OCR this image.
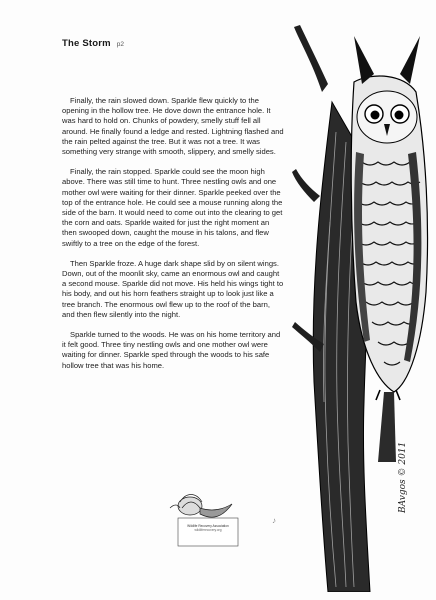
The Storm p2

Finally, the rain slowed down. Sparkle flew quickly to the opening in the hollow tree. He dove down the entrance hole. It was hard to hold on. Chunks of powdery, smelly stuff fell all around. He finally found a ledge and rested. Lightning flashed and the rain pelted against the tree. But it was not a tree. It was something very strange with smooth, slippery, and smelly sides.

Finally, the rain stopped. Sparkle could see the moon high above. There was still time to hunt. Three nestling owls and one mother owl were waiting for their dinner. Sparkle peeked over the top of the entrance hole. He could see a mouse running along the side of the barn. It would need to come out into the clearing to get the corn and oats. Sparkle waited for just the right moment an then swooped down, caught the mouse in his talons, and flew swiftly to a tree on the edge of the forest.

Then Sparkle froze. A huge dark shape slid by on silent wings. Down, out of the moonlit sky, came an enormous owl and caught a second mouse. Sparkle did not move. His held his wings tight to his body, and out his horn feathers straight up to look just like a tree branch. The enormous owl flew up to the roof of the barn, and then flew silently into the night.

Sparkle turned to the woods. He was on his home territory and it felt good. Three tiny nestling owls and one mother owl were waiting for dinner. Sparkle sped through the woods to his safe hollow tree that was his home.

BAvgos © 2011
Wildlife Recovery Association
wildliferecovery.org
♪
